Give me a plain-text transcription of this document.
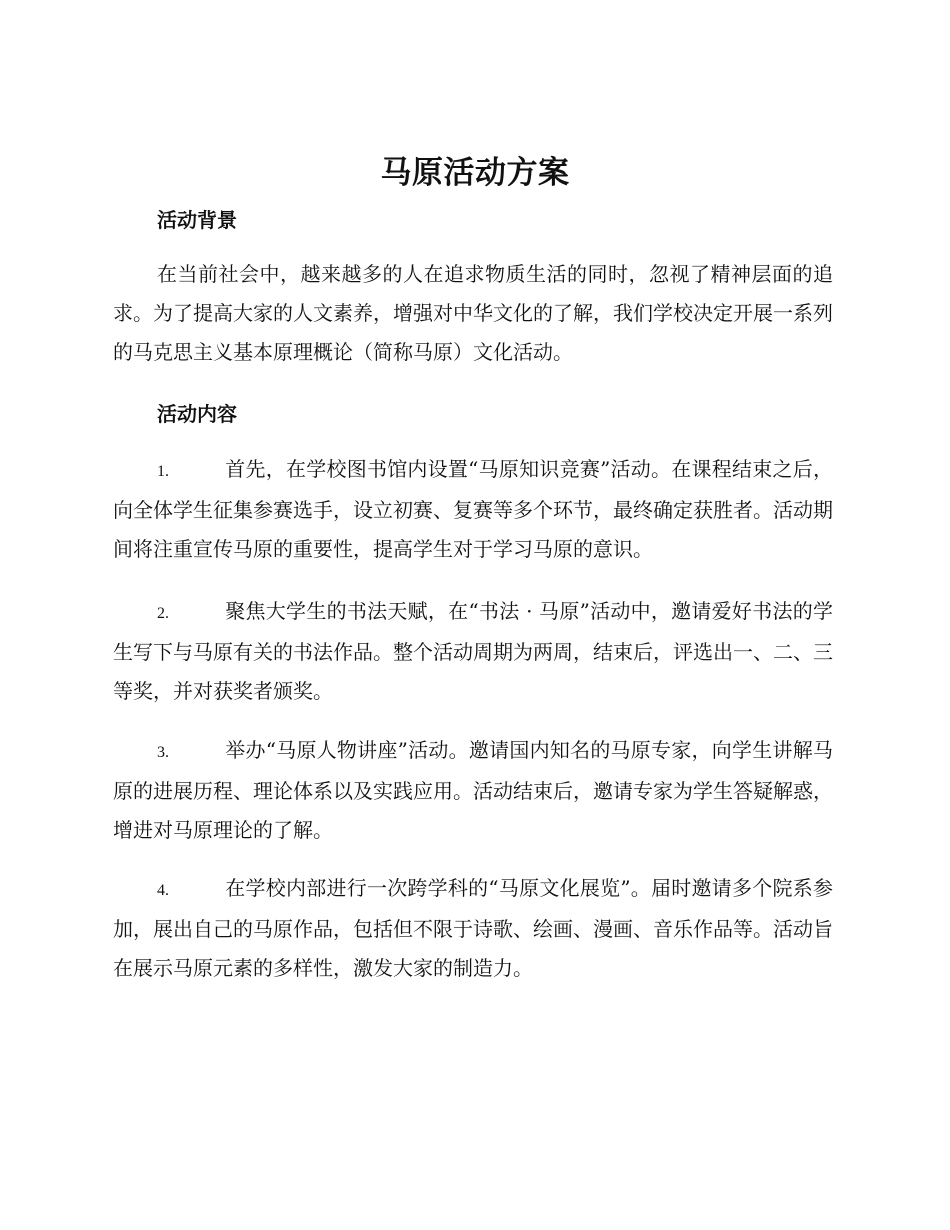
马原活动方案
活动背景

在当前社会中，越来越多的人在追求物质生活的同时，忽视了精神层面的追求。为了提高大家的人文素养，增强对中华文化的了解，我们学校决定开展一系列的马克思主义基本原理概论（简称马原）文化活动。

活动内容

1.	首先，在学校图书馆内设置“马原知识竞赛”活动。在课程结束之后，向全体学生征集参赛选手，设立初赛、复赛等多个环节，最终确定获胜者。活动期间将注重宣传马原的重要性，提高学生对于学习马原的意识。

2.	聚焦大学生的书法天赋，在“书法 · 马原”活动中，邀请爱好书法的学生写下与马原有关的书法作品。整个活动周期为两周，结束后，评选出一、二、三等奖，并对获奖者颁奖。

3.	举办“马原人物讲座”活动。邀请国内知名的马原专家，向学生讲解马原的进展历程、理论体系以及实践应用。活动结束后，邀请专家为学生答疑解惑，增进对马原理论的了解。

4.	在学校内部进行一次跨学科的“马原文化展览”。届时邀请多个院系参加，展出自己的马原作品，包括但不限于诗歌、绘画、漫画、音乐作品等。活动旨在展示马原元素的多样性，激发大家的制造力。
